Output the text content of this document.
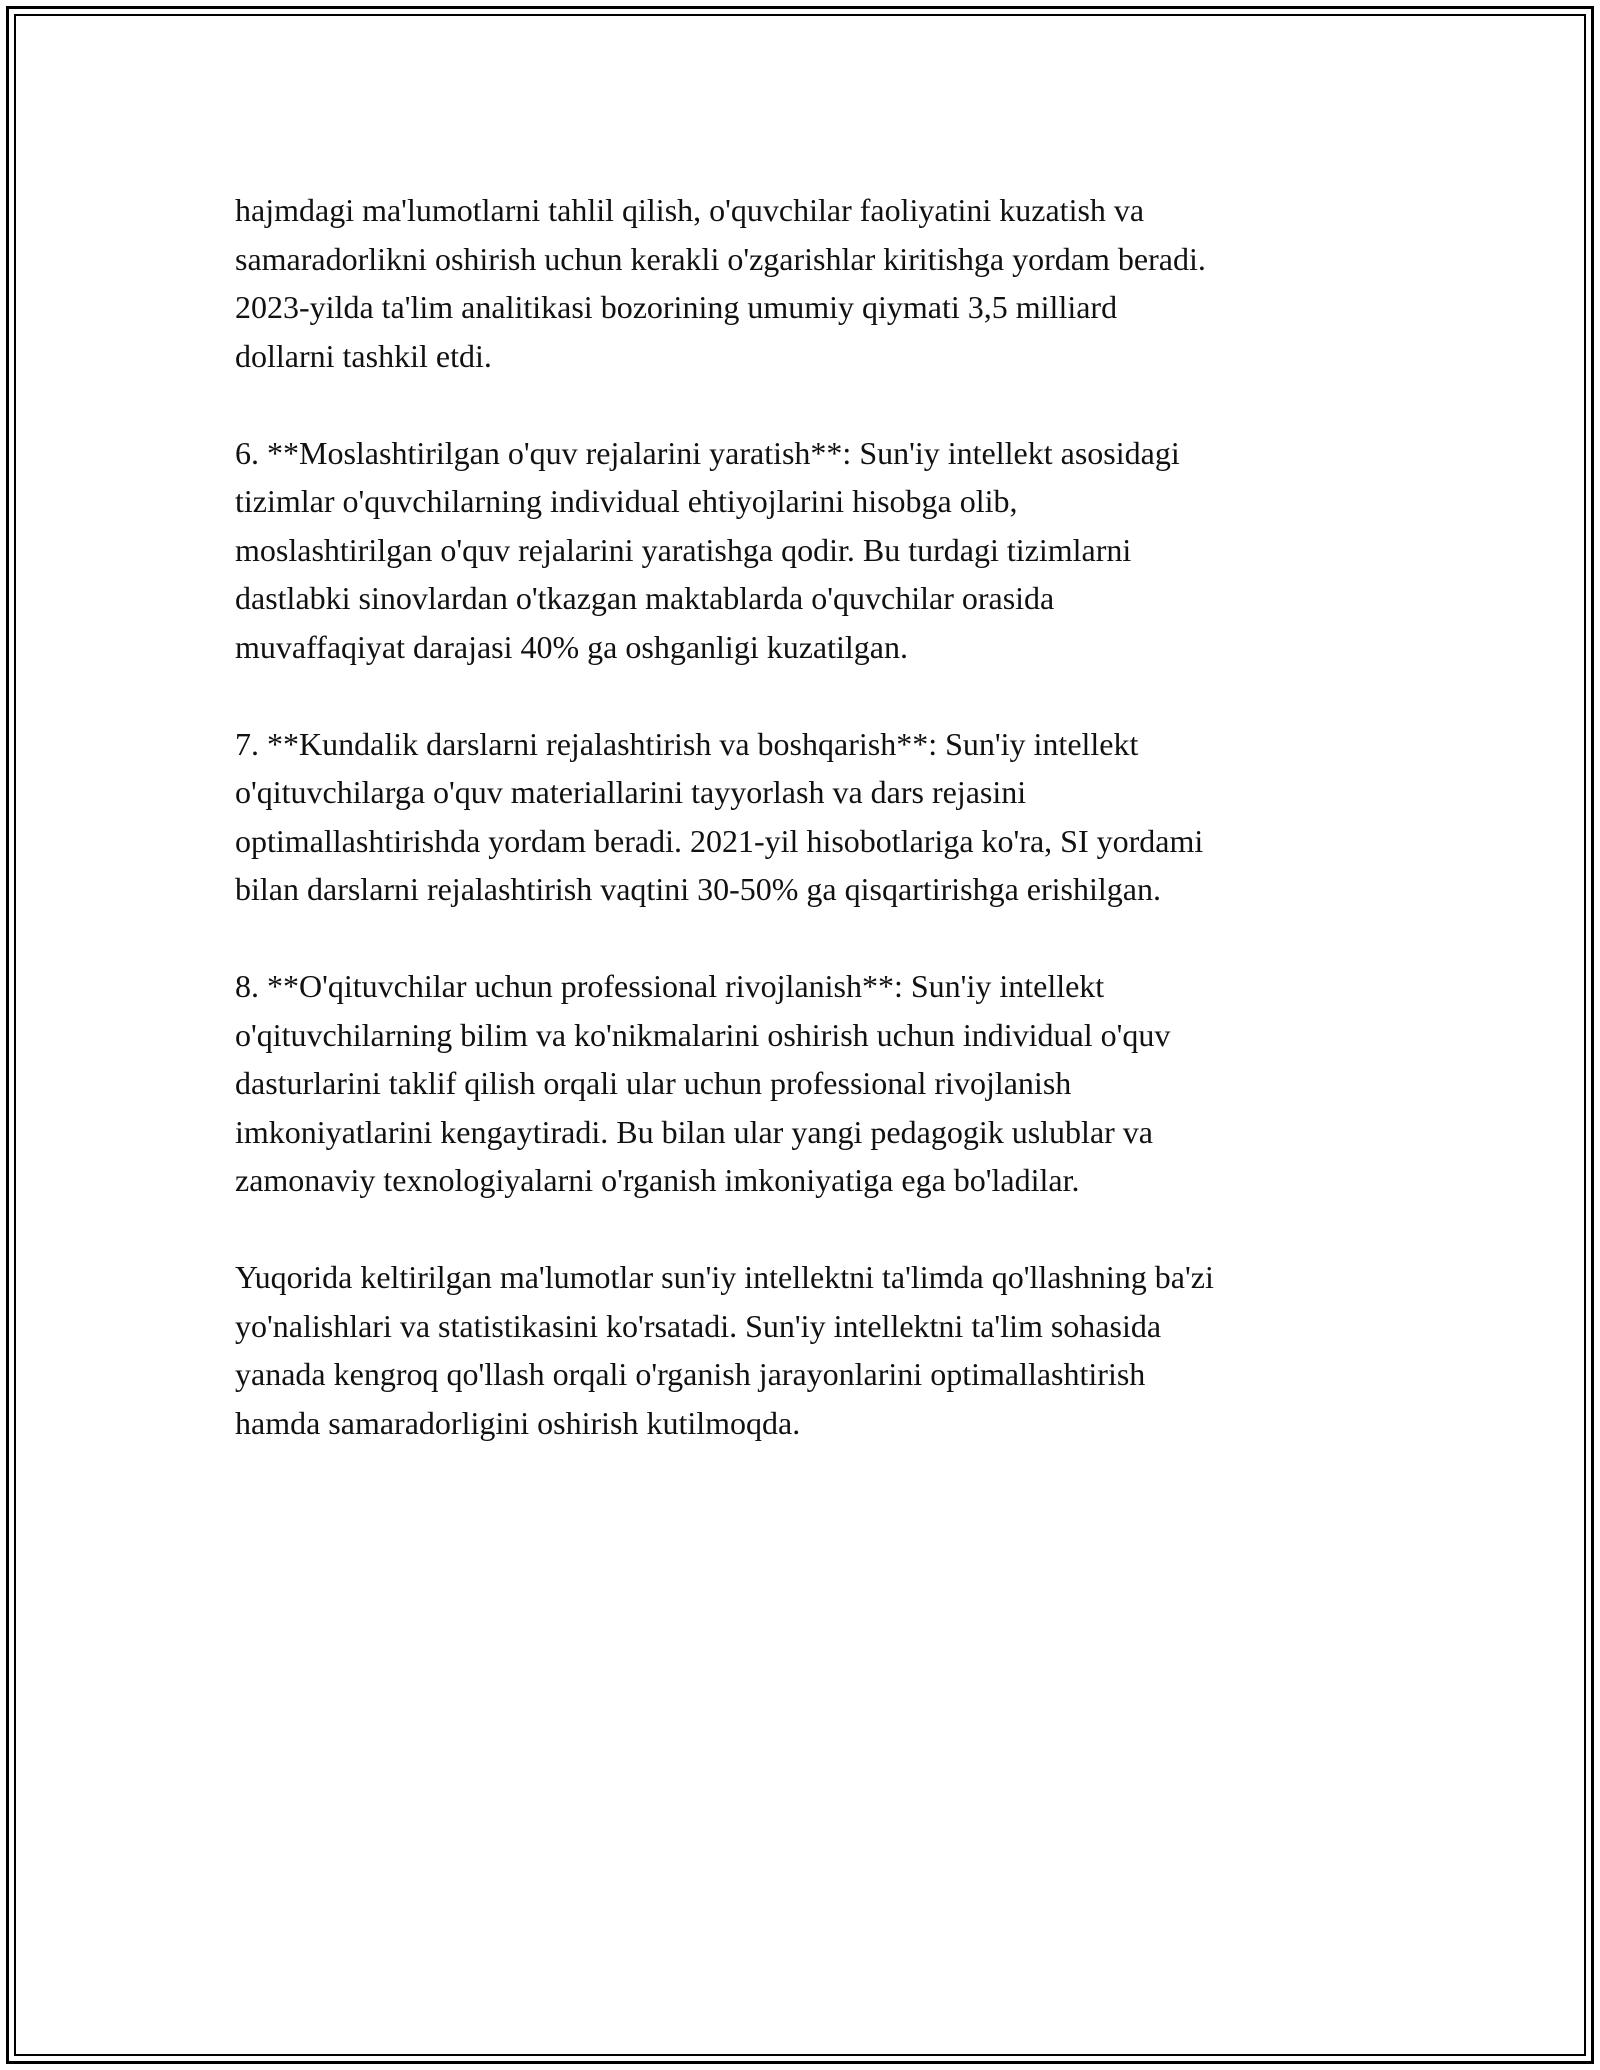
hajmdagi ma'lumotlarni tahlil qilish, o'quvchilar faoliyatini kuzatish va
samaradorlikni oshirish uchun kerakli o'zgarishlar kiritishga yordam beradi.
2023-yilda ta'lim analitikasi bozorining umumiy qiymati 3,5 milliard
dollarni tashkil etdi.

6. **Moslashtirilgan o'quv rejalarini yaratish**: Sun'iy intellekt asosidagi
tizimlar o'quvchilarning individual ehtiyojlarini hisobga olib,
moslashtirilgan o'quv rejalarini yaratishga qodir. Bu turdagi tizimlarni
dastlabki sinovlardan o'tkazgan maktablarda o'quvchilar orasida
muvaffaqiyat darajasi 40% ga oshganligi kuzatilgan.

7. **Kundalik darslarni rejalashtirish va boshqarish**: Sun'iy intellekt
o'qituvchilarga o'quv materiallarini tayyorlash va dars rejasini
optimallashtirishda yordam beradi. 2021-yil hisobotlariga ko'ra, SI yordami
bilan darslarni rejalashtirish vaqtini 30-50% ga qisqartirishga erishilgan.

8. **O'qituvchilar uchun professional rivojlanish**: Sun'iy intellekt
o'qituvchilarning bilim va ko'nikmalarini oshirish uchun individual o'quv
dasturlarini taklif qilish orqali ular uchun professional rivojlanish
imkoniyatlarini kengaytiradi. Bu bilan ular yangi pedagogik uslublar va
zamonaviy texnologiyalarni o'rganish imkoniyatiga ega bo'ladilar.

Yuqorida keltirilgan ma'lumotlar sun'iy intellektni ta'limda qo'llashning ba'zi
yo'nalishlari va statistikasini ko'rsatadi. Sun'iy intellektni ta'lim sohasida
yanada kengroq qo'llash orqali o'rganish jarayonlarini optimallashtirish
hamda samaradorligini oshirish kutilmoqda.
